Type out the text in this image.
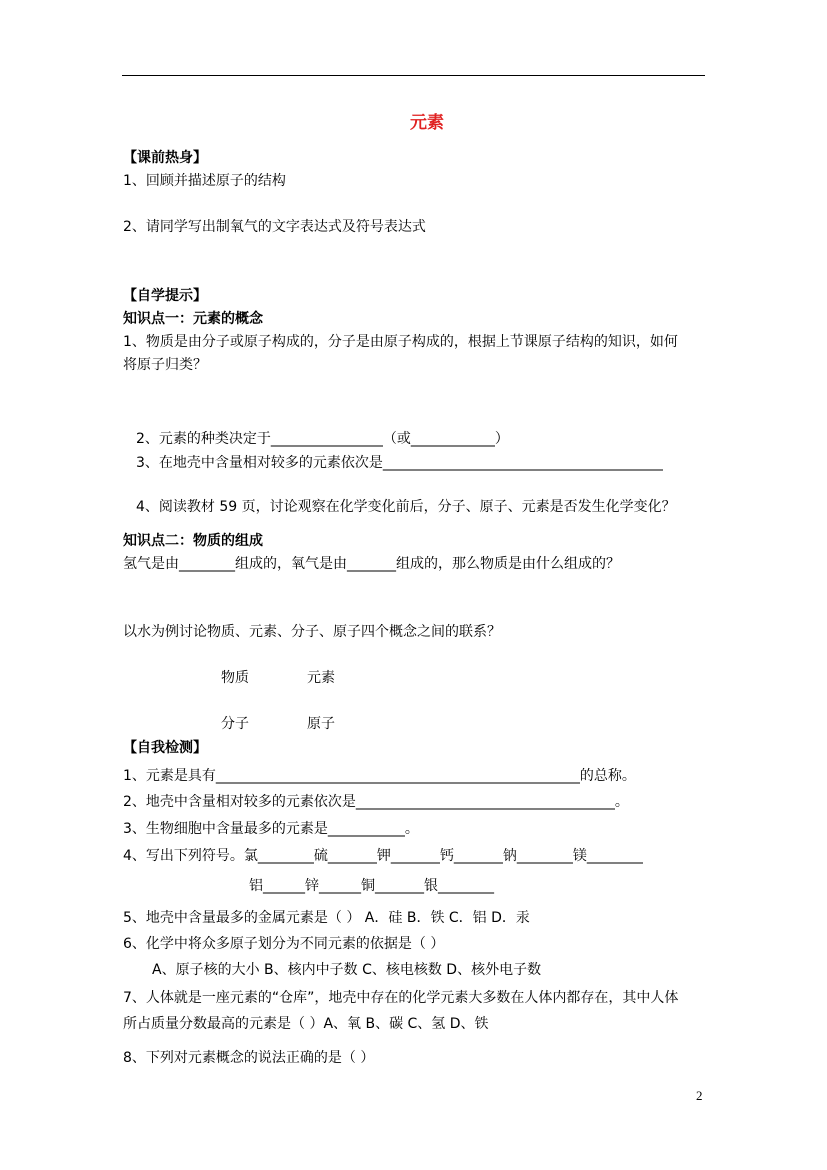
元素
【课前热身】
1、回顾并描述原子的结构
2、请同学写出制氧气的文字表达式及符号表达式
【自学提示】
知识点一：元素的概念
1、物质是由分子或原子构成的，分子是由原子构成的，根据上节课原子结构的知识，如何
将原子归类？
2、元素的种类决定于________________（或____________）
3、在地壳中含量相对较多的元素依次是________________________________________
4、阅读教材 59 页，讨论观察在化学变化前后，分子、原子、元素是否发生化学变化？
知识点二：物质的组成
氢气是由________组成的，氧气是由_______组成的，那么物质是由什么组成的？
以水为例讨论物质、元素、分子、原子四个概念之间的联系？
物质	元素
分子	原子
【自我检测】
1、元素是具有____________________________________________________的总称。
2、地壳中含量相对较多的元素依次是_____________________________________。
3、生物细胞中含量最多的元素是___________。
4、写出下列符号。氯________硫_______钾_______钙_______钠________镁________
铝______锌______铜_______银________
5、地壳中含量最多的金属元素是（ ） A．硅 B．铁 C．铝 D．汞
6、化学中将众多原子划分为不同元素的依据是（ ）
A、原子核的大小 B、核内中子数 C、核电核数 D、核外电子数
7、人体就是一座元素的“仓库”，地壳中存在的化学元素大多数在人体内都存在，其中人体
所占质量分数最高的元素是（ ）A、氧 B、碳 C、氢 D、铁
8、下列对元素概念的说法正确的是（ ）
2
